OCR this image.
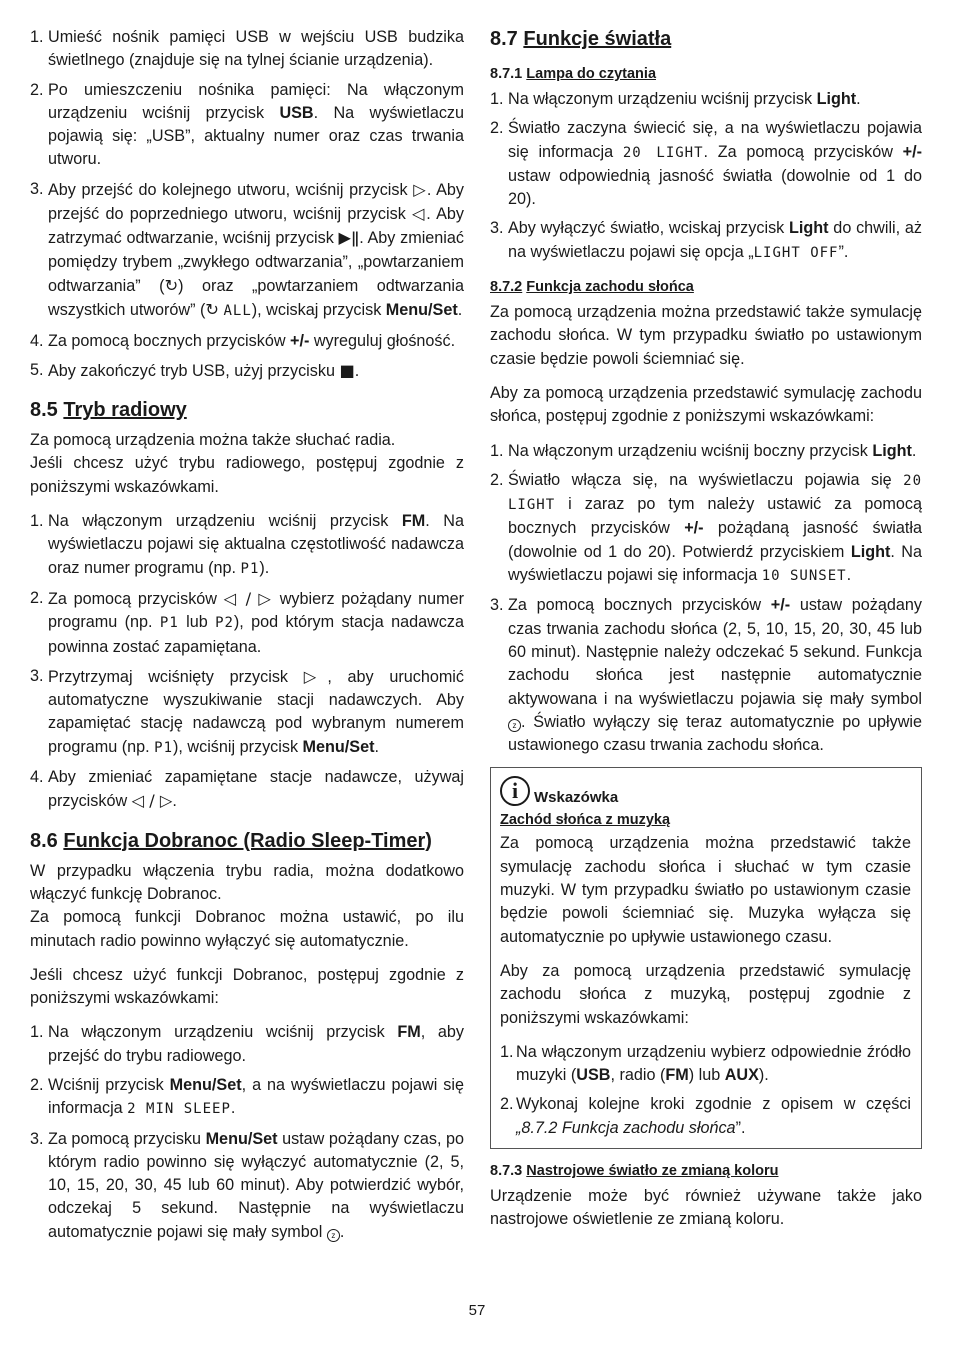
1. Umieść nośnik pamięci USB w wejściu USB budzika świetlnego (znajduje się na tylnej ścianie urządzenia).
2. Po umieszczeniu nośnika pamięci: Na włączonym urządzeniu wciśnij przycisk USB. Na wyświetlaczu pojawią się: „USB”, aktualny numer oraz czas trwania utworu.
3. Aby przejść do kolejnego utworu, wciśnij przycisk ▷. Aby przejść do poprzedniego utworu, wciśnij przycisk ◁. Aby zatrzymać odtwarzanie, wciśnij przycisk ▶ǁ. Aby zmieniać pomiędzy trybem „zwykłego odtwarzania”, „powtarzaniem odtwarzania” (↻) oraz „powtarzaniem odtwarzania wszystkich utworów” (↻ ALL), wciskaj przycisk Menu/Set.
4. Za pomocą bocznych przycisków +/- wyreguluj głośność.
5. Aby zakończyć tryb USB, użyj przycisku ■.
8.5 Tryb radiowy

Za pomocą urządzenia można także słuchać radia.

Jeśli chcesz użyć trybu radiowego, postępuj zgodnie z poniższymi wskazówkami.

1. Na włączonym urządzeniu wciśnij przycisk FM. Na wyświetlaczu pojawi się aktualna częstotliwość nadawcza oraz numer programu (np. P1).
2. Za pomocą przycisków ◁ / ▷ wybierz pożądany numer programu (np. P1 lub P2), pod którym stacja nadawcza powinna zostać zapamiętana.
3. Przytrzymaj wciśnięty przycisk ▷, aby uruchomić automatyczne wyszukiwanie stacji nadawczych. Aby zapamiętać stację nadawczą pod wybranym numerem programu (np. P1), wciśnij przycisk Menu/Set.
4. Aby zmieniać zapamiętane stacje nadawcze, używaj przycisków ◁ / ▷.
8.6 Funkcja Dobranoc (Radio Sleep-Timer)

W przypadku włączenia trybu radia, można dodatkowo włączyć funkcję Dobranoc.

Za pomocą funkcji Dobranoc można ustawić, po ilu minutach radio powinno wyłączyć się automatycznie.

Jeśli chcesz użyć funkcji Dobranoc, postępuj zgodnie z poniższymi wskazówkami:

1. Na włączonym urządzeniu wciśnij przycisk FM, aby przejść do trybu radiowego.
2. Wciśnij przycisk Menu/Set, a na wyświetlaczu pojawi się informacja 2 MIN SLEEP.
3. Za pomocą przycisku Menu/Set ustaw pożądany czas, po którym radio powinno się wyłączyć automatycznie (2, 5, 10, 15, 20, 30, 45 lub 60 minut). Aby potwierdzić wybór, odczekaj 5 sekund. Następnie na wyświetlaczu automatycznie pojawi się mały symbol z .
8.7 Funkcje światła
8.7.1 Lampa do czytania
1. Na włączonym urządzeniu wciśnij przycisk Light.
2. Światło zaczyna świecić się, a na wyświetlaczu pojawia się informacja 20 LIGHT. Za pomocą przycisków +/- ustaw odpowiednią jasność światła (dowolnie od 1 do 20).
3. Aby wyłączyć światło, wciskaj przycisk Light do chwili, aż na wyświetlaczu pojawi się opcja „LIGHT OFF”.
8.7.2 Funkcja zachodu słońca

Za pomocą urządzenia można przedstawić także symulację zachodu słońca. W tym przypadku światło po ustawionym czasie będzie powoli ściemniać się.

Aby za pomocą urządzenia przedstawić symulację zachodu słońca, postępuj zgodnie z poniższymi wskazówkami:

1. Na włączonym urządzeniu wciśnij boczny przycisk Light.
2. Światło włącza się, na wyświetlaczu pojawia się 20 LIGHT i zaraz po tym należy ustawić za pomocą bocznych przycisków +/- pożądaną jasność światła (dowolnie od 1 do 20). Potwierdź przyciskiem Light. Na wyświetlaczu pojawi się informacja 10 SUNSET.
3. Za pomocą bocznych przycisków +/- ustaw pożądany czas trwania zachodu słońca (2, 5, 10, 15, 20, 30, 45 lub 60 minut). Następnie należy odczekać 5 sekund. Funkcja zachodu słońca jest następnie automatycznie aktywowana i na wyświetlaczu pojawia się mały symbol z . Światło wyłączy się teraz automatycznie po upływie ustawionego czasu trwania zachodu słońca.
i	Wskazówka
Zachód słońca z muzyką

Za pomocą urządzenia można przedstawić także symulację zachodu słońca i słuchać w tym czasie muzyki. W tym przypadku światło po ustawionym czasie będzie powoli ściemniać się. Muzyka wyłącza się automatycznie po upływie ustawionego czasu.

Aby za pomocą urządzenia przedstawić symulację zachodu słońca z muzyką, postępuj zgodnie z poniższymi wskazówkami:

1. Na włączonym urządzeniu wybierz odpowiednie źródło muzyki (USB, radio (FM) lub AUX).
2. Wykonaj kolejne kroki zgodnie z opisem w części „8.7.2 Funkcja zachodu słońca”.
8.7.3 Nastrojowe światło ze zmianą koloru

Urządzenie może być również używane także jako nastrojowe oświetlenie ze zmianą koloru.

57
